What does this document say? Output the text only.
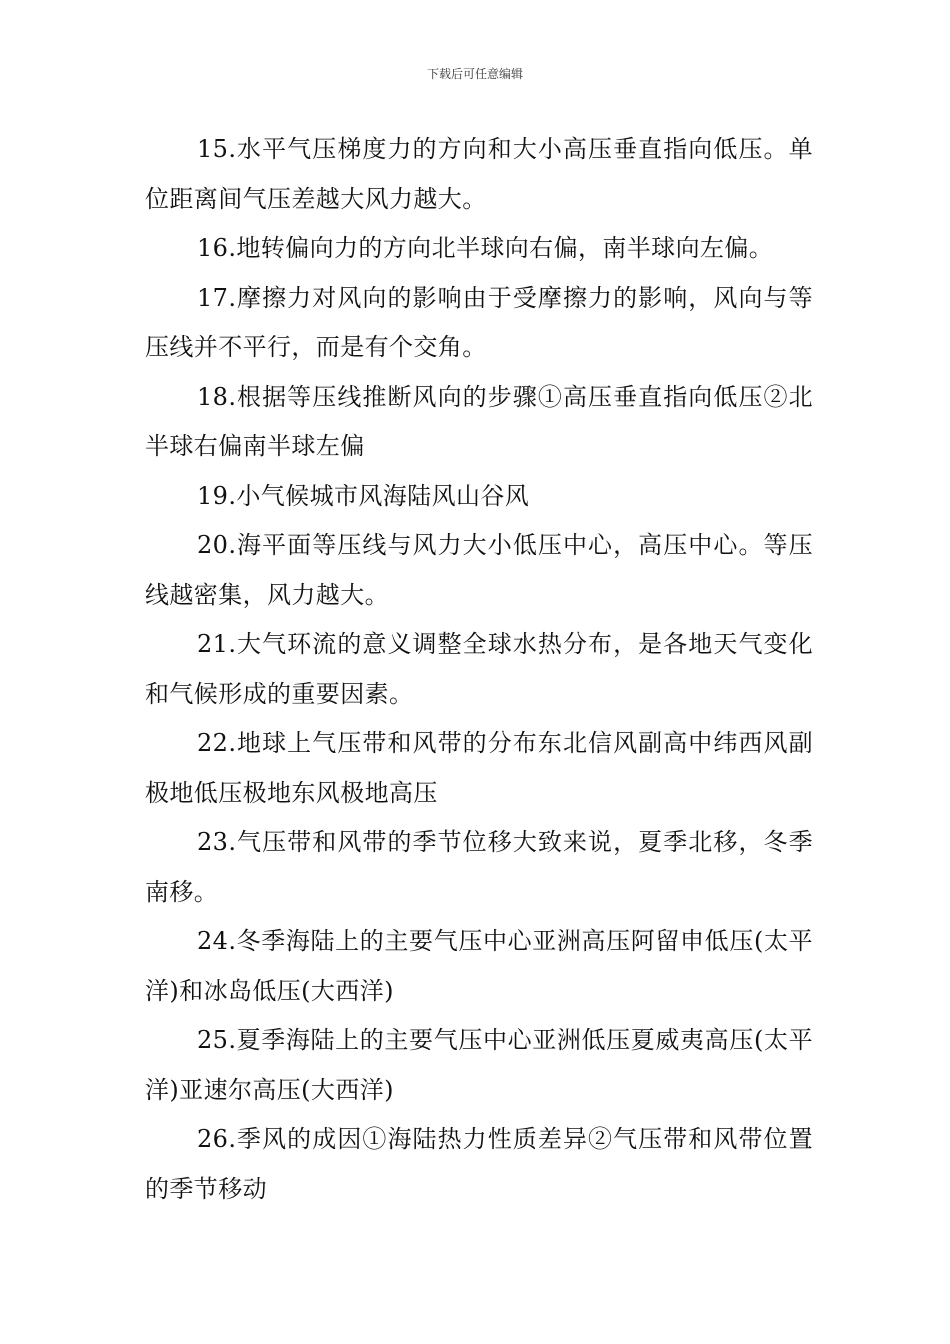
下载后可任意编辑

15.水平气压梯度力的方向和大小高压垂直指向低压。单位距离间气压差越大风力越大。

16.地转偏向力的方向北半球向右偏，南半球向左偏。

17.摩擦力对风向的影响由于受摩擦力的影响，风向与等压线并不平行，而是有个交角。

18.根据等压线推断风向的步骤①高压垂直指向低压②北半球右偏南半球左偏

19.小气候城市风海陆风山谷风

20.海平面等压线与风力大小低压中心，高压中心。等压线越密集，风力越大。

21.大气环流的意义调整全球水热分布，是各地天气变化和气候形成的重要因素。

22.地球上气压带和风带的分布东北信风副高中纬西风副极地低压极地东风极地高压

23.气压带和风带的季节位移大致来说，夏季北移，冬季南移。

24.冬季海陆上的主要气压中心亚洲高压阿留申低压(太平洋)和冰岛低压(大西洋)

25.夏季海陆上的主要气压中心亚洲低压夏威夷高压(太平洋)亚速尔高压(大西洋)

26.季风的成因①海陆热力性质差异②气压带和风带位置的季节移动
